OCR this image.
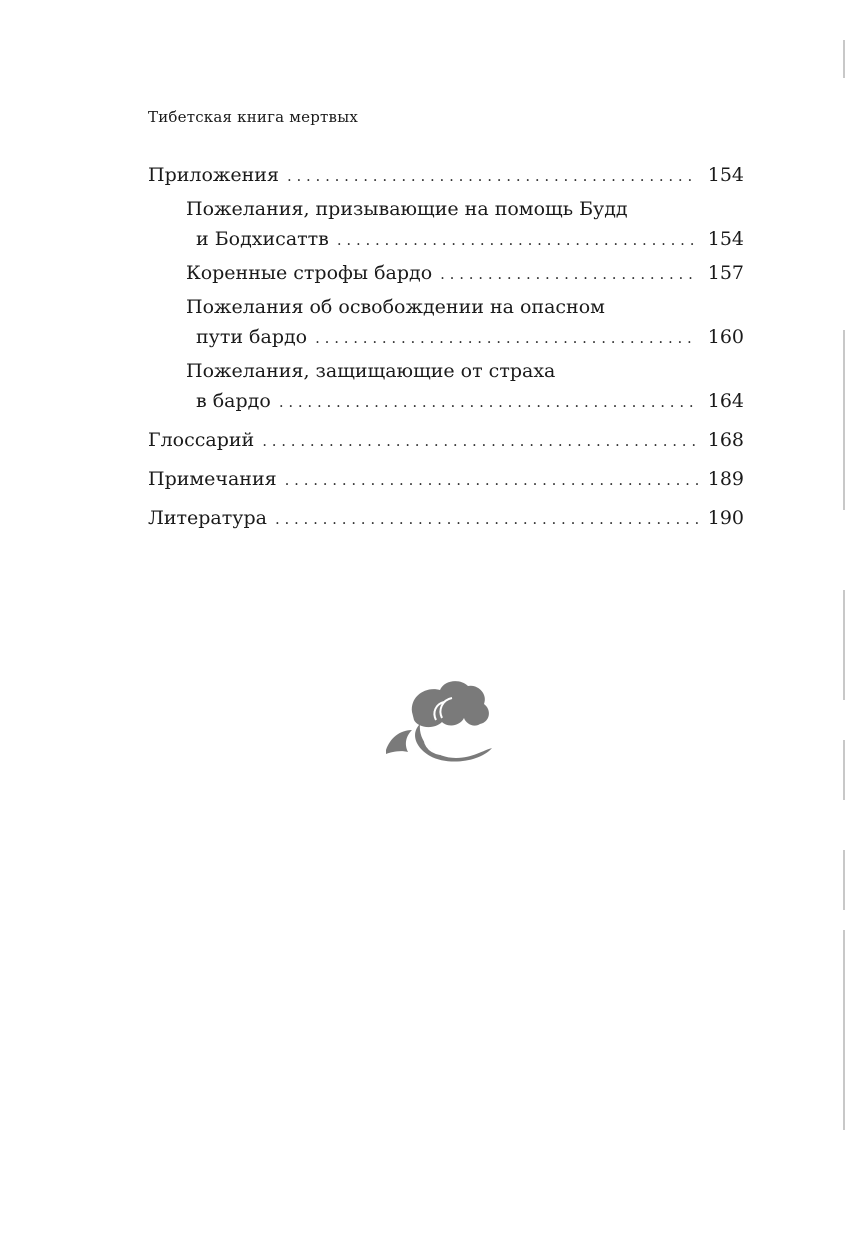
Тибетская книга мертвых
Приложения . . .	154
Пожелания, призывающие на помощь Будд
и Бодхисаттв . . .	154
Коренные строфы бардо . . .	157
Пожелания об освобождении на опасном
пути бардо . . .	160
Пожелания, защищающие от страха
в бардо . . .	164
Глоссарий . . .	168
Примечания . . .	189
Литература . . .	190
